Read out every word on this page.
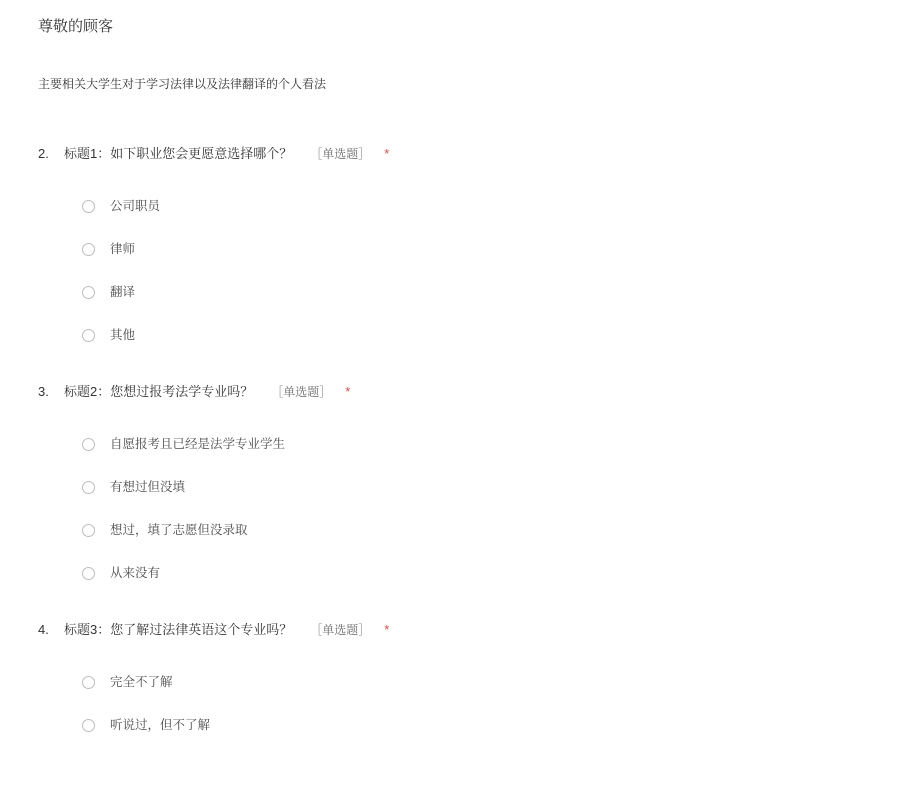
尊敬的顾客

主要相关大学生对于学习法律以及法律翻译的个人看法

2.	标题1：如下职业您会更愿意选择哪个？ ［单选题］ *
公司职员
律师
翻译
其他
3.	标题2：您想过报考法学专业吗？ ［单选题］ *
自愿报考且已经是法学专业学生
有想过但没填
想过，填了志愿但没录取
从来没有
4.	标题3：您了解过法律英语这个专业吗？ ［单选题］ *
完全不了解
听说过，但不了解
